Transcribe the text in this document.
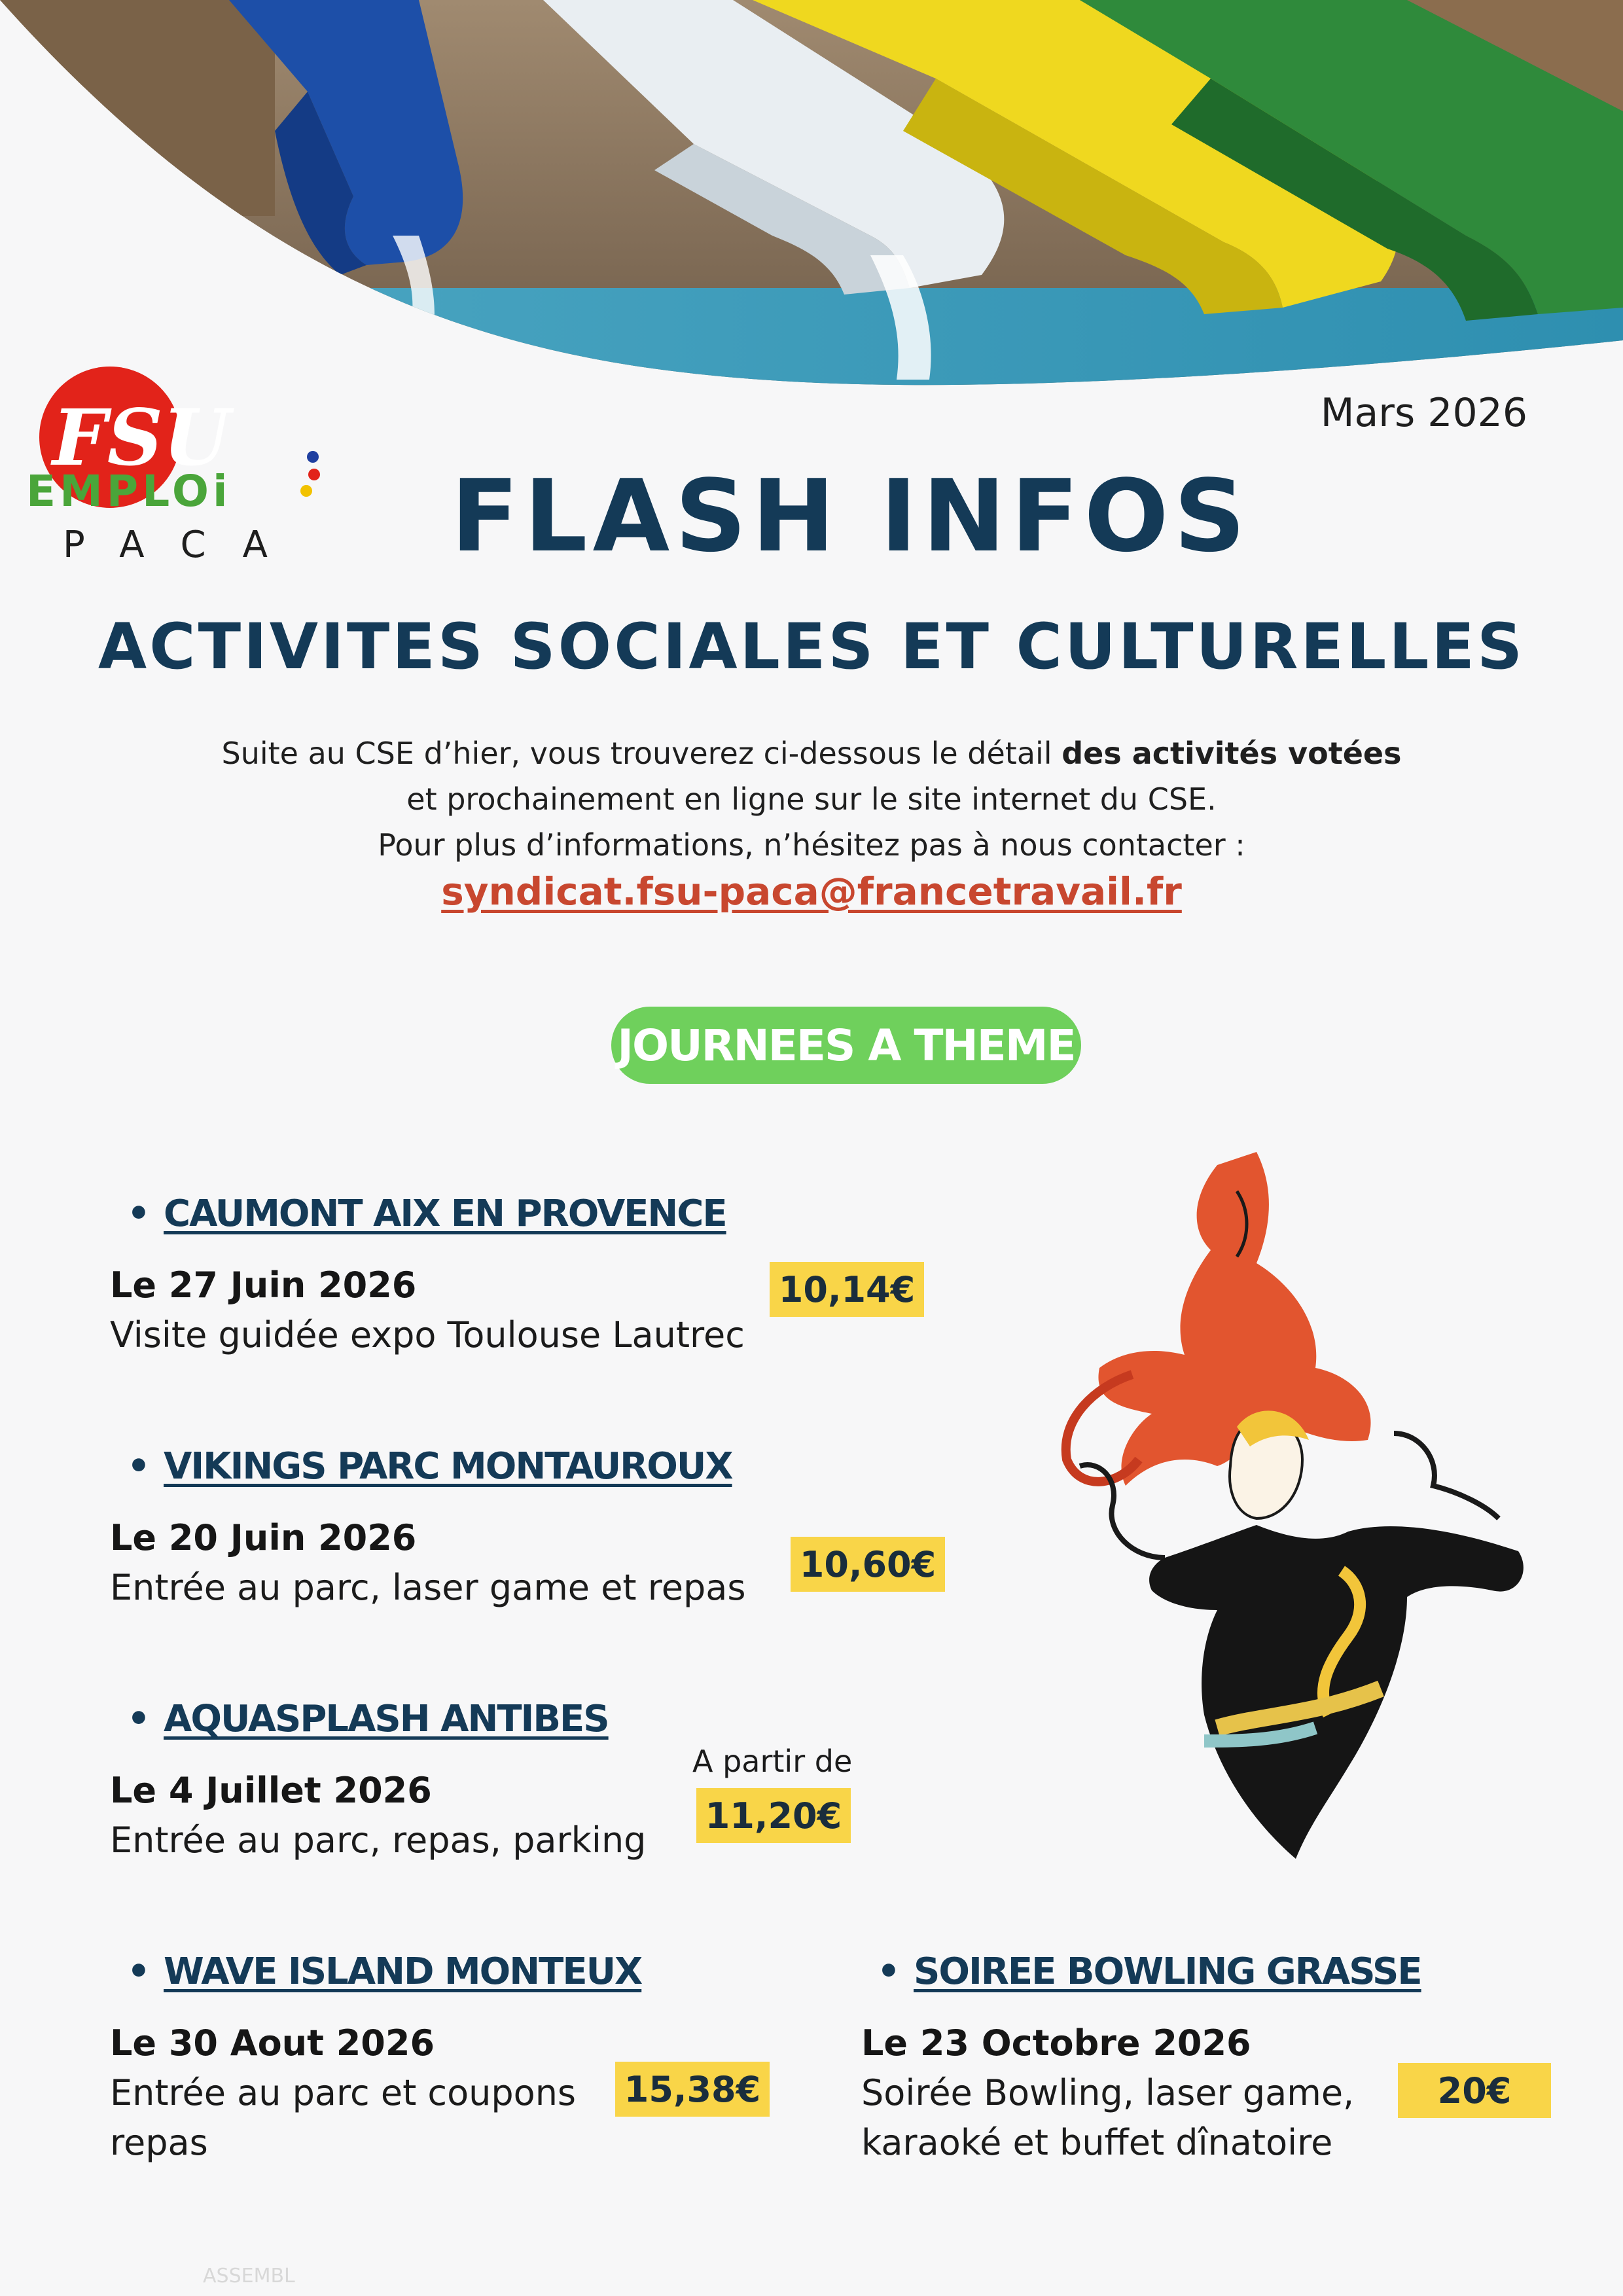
FSU
EMPLOi
PACA
Mars 2026
FLASH INFOS
ACTIVITES SOCIALES ET CULTURELLES
Suite au CSE d’hier, vous trouverez ci-dessous le détail des activités votées
et prochainement en ligne sur le site internet du CSE.
Pour plus d’informations, n’hésitez pas à nous contacter :
syndicat.fsu-paca@francetravail.fr
JOURNEES A THEME
• CAUMONT AIX EN PROVENCE
Le 27 Juin 2026
Visite guidée expo Toulouse Lautrec
10,14€
• VIKINGS PARC MONTAUROUX
Le 20 Juin 2026
Entrée au parc, laser game et repas
10,60€
• AQUASPLASH ANTIBES
A partir de
Le 4 Juillet 2026
Entrée au parc, repas, parking
11,20€
• WAVE ISLAND MONTEUX
Le 30 Aout 2026
Entrée au parc et coupons
repas
15,38€
• SOIREE BOWLING GRASSE
Le 23 Octobre 2026
Soirée Bowling, laser game,
karaoké et buffet dînatoire
20€
ASSEMBL
